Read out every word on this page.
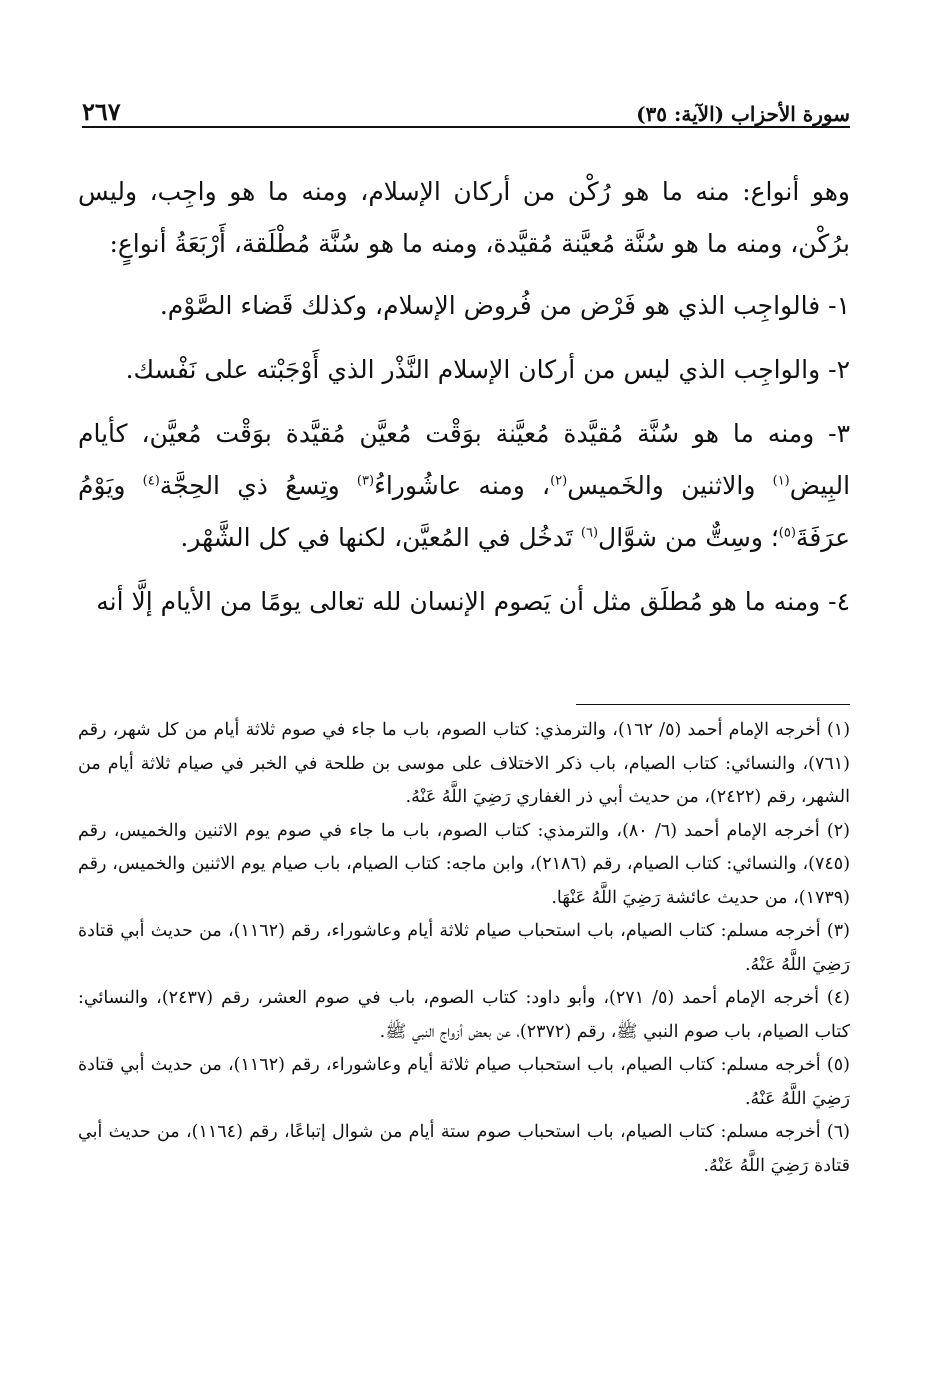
سورة الأحزاب (الآية: ٣٥)
٢٦٧

وهو أنواع: منه ما هو رُكْن من أركان الإسلام، ومنه ما هو واجِب، وليس برُكْن، ومنه ما هو سُنَّة مُعيَّنة مُقيَّدة، ومنه ما هو سُنَّة مُطْلَقة، أَرْبَعَةُ أنواعٍ:

١- فالواجِب الذي هو فَرْض من فُروض الإسلام، وكذلك قَضاء الصَّوْم.

٢- والواجِب الذي ليس من أركان الإسلام النَّذْر الذي أَوْجَبْته على نَفْسك.

٣- ومنه ما هو سُنَّة مُقيَّدة مُعيَّنة بوَقْت مُعيَّن مُقيَّدة بوَقْت مُعيَّن، كأيام البِيض$^{(١)}$ والاثنين والخَميس$^{(٢)}$، ومنه عاشُوراءُ$^{(٣)}$ وتِسعُ ذي الحِجَّة$^{(٤)}$ ويَوْمُ عرَفَةَ$^{(٥)}$؛ وسِتٌّ من شوَّال$^{(٦)}$ تَدخُل في المُعيَّن، لكنها في كل الشَّهْر.

٤- ومنه ما هو مُطلَق مثل أن يَصوم الإنسان لله تعالى يومًا من الأيام إلَّا أنه

(١) أخرجه الإمام أحمد (٥/ ١٦٢)، والترمذي: كتاب الصوم، باب ما جاء في صوم ثلاثة أيام من كل شهر، رقم (٧٦١)، والنسائي: كتاب الصيام، باب ذكر الاختلاف على موسى بن طلحة في الخبر في صيام ثلاثة أيام من الشهر، رقم (٢٤٢٢)، من حديث أبي ذر الغفاري رَضِيَ اللَّهُ عَنْهُ.

(٢) أخرجه الإمام أحمد (٦/ ٨٠)، والترمذي: كتاب الصوم، باب ما جاء في صوم يوم الاثنين والخميس، رقم (٧٤٥)، والنسائي: كتاب الصيام، رقم (٢١٨٦)، وابن ماجه: كتاب الصيام، باب صيام يوم الاثنين والخميس، رقم (١٧٣٩)، من حديث عائشة رَضِيَ اللَّهُ عَنْهَا.

(٣) أخرجه مسلم: كتاب الصيام، باب استحباب صيام ثلاثة أيام وعاشوراء، رقم (١١٦٢)، من حديث أبي قتادة رَضِيَ اللَّهُ عَنْهُ.

(٤) أخرجه الإمام أحمد (٥/ ٢٧١)، وأبو داود: كتاب الصوم، باب في صوم العشر، رقم (٢٤٣٧)، والنسائي: كتاب الصيام، باب صوم النبي ﷺ، رقم (٢٣٧٢)، عن بعض أزواج النبي ﷺ.

(٥) أخرجه مسلم: كتاب الصيام، باب استحباب صيام ثلاثة أيام وعاشوراء، رقم (١١٦٢)، من حديث أبي قتادة رَضِيَ اللَّهُ عَنْهُ.

(٦) أخرجه مسلم: كتاب الصيام، باب استحباب صوم ستة أيام من شوال إتباعًا، رقم (١١٦٤)، من حديث أبي قتادة رَضِيَ اللَّهُ عَنْهُ.
